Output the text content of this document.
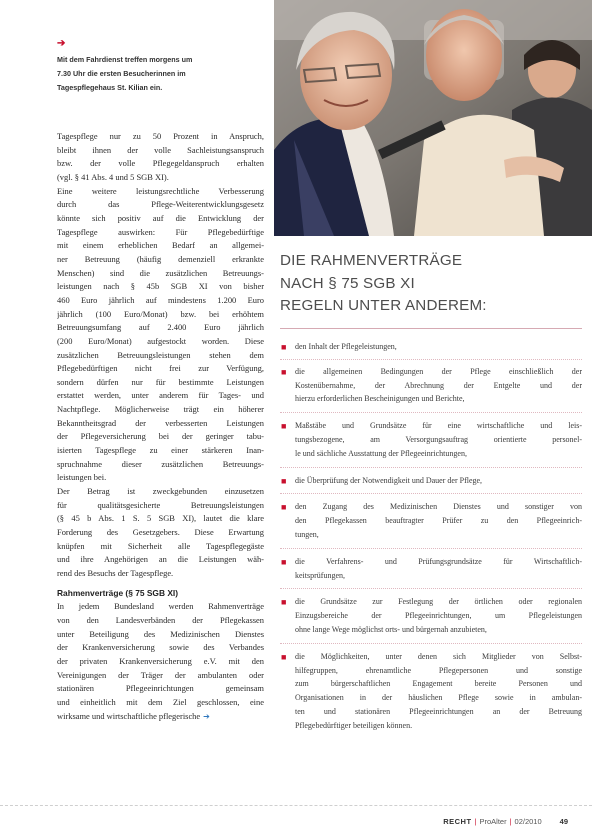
➔
Mit dem Fahrdienst treffen morgens um
7.30 Uhr die ersten Besucherinnen im
Tagespflegehaus St. Kilian ein.

Tagespflege nur zu 50 Prozent in Anspruch,
bleibt ihnen der volle Sachleistungsanspruch
bzw. der volle Pflegegeldanspruch erhalten
(vgl. § 41 Abs. 4 und 5 SGB XI).

Eine weitere leistungsrechtliche Verbesserung
durch das Pflege-Weiterentwicklungsgesetz
könnte sich positiv auf die Entwicklung der
Tagespflege auswirken: Für Pflegebedürftige
mit einem erheblichen Bedarf an allgemei-
ner Betreuung (häufig demenziell erkrankte
Menschen) sind die zusätzlichen Betreuungs-
leistungen nach § 45b SGB XI von bisher
460 Euro jährlich auf mindestens 1.200 Euro
jährlich (100 Euro/Monat) bzw. bei erhöhtem
Betreuungsumfang auf 2.400 Euro jährlich
(200 Euro/Monat) aufgestockt worden. Diese
zusätzlichen Betreuungsleistungen stehen dem
Pflegebedürftigen nicht frei zur Verfügung,
sondern dürfen nur für bestimmte Leistungen
erstattet werden, unter anderem für Tages- und
Nachtpflege. Möglicherweise trägt ein höherer
Bekanntheitsgrad der verbesserten Leistungen
der Pflegeversicherung bei der geringer tabu-
isierten Tagespflege zu einer stärkeren Inan-
spruchnahme dieser zusätzlichen Betreuungs-
leistungen bei.

Der Betrag ist zweckgebunden einzusetzen
für qualitätsgesicherte Betreuungsleistungen
(§ 45 b Abs. 1 S. 5 SGB XI), lautet die klare
Forderung des Gesetzgebers. Diese Erwartung
knüpfen mit Sicherheit alle Tagespflegegäste
und ihre Angehörigen an die Leistungen wäh-
rend des Besuchs der Tagespflege.

Rahmenverträge (§ 75 SGB XI)

In jedem Bundesland werden Rahmenverträge
von den Landesverbänden der Pflegekassen
unter Beteiligung des Medizinischen Dienstes
der Krankenversicherung sowie des Verbandes
der privaten Krankenversicherung e.V. mit den
Vereinigungen der Träger der ambulanten oder
stationären Pflegeeinrichtungen gemeinsam
und einheitlich mit dem Ziel geschlossen, eine
wirksame und wirtschaftliche pflegerische ➔

DIE RAHMENVERTRÄGE
NACH § 75 SGB XI
REGELN UNTER ANDEREM:
■ den Inhalt der Pflegeleistungen,
■ die allgemeinen Bedingungen der Pflege einschließlich der
Kostenübernahme, der Abrechnung der Entgelte und der
hierzu erforderlichen Bescheinigungen und Berichte,
■ Maßstäbe und Grundsätze für eine wirtschaftliche und leis-
tungsbezogene, am Versorgungsauftrag orientierte personel-
le und sächliche Ausstattung der Pflegeeinrichtungen,
■ die Überprüfung der Notwendigkeit und Dauer der Pflege,
■ den Zugang des Medizinischen Dienstes und sonstiger von
den Pflegekassen beauftragter Prüfer zu den Pflegeeinrich-
tungen,
■ die Verfahrens- und Prüfungsgrundsätze für Wirtschaftlich-
keitsprüfungen,
■ die Grundsätze zur Festlegung der örtlichen oder regionalen
Einzugsbereiche der Pflegeeinrichtungen, um Pflegeleistungen
ohne lange Wege möglichst orts- und bürgernah anzubieten,
■ die Möglichkeiten, unter denen sich Mitglieder von Selbst-
hilfegruppen, ehrenamtliche Pflegepersonen und sonstige
zum bürgerschaftlichen Engagement bereite Personen und
Organisationen in der häuslichen Pflege sowie in ambulan-
ten und stationären Pflegeeinrichtungen an der Betreuung
Pflegebedürftiger beteiligen können.
RECHT | ProAlter | 02/2010 49
